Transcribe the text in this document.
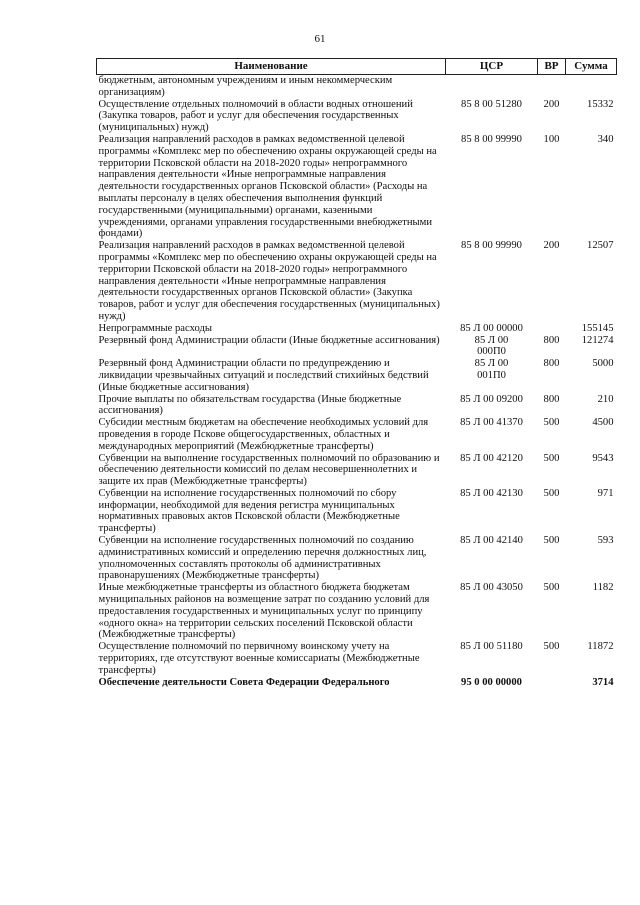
61
Наименование	ЦСР	ВР	Сумма
бюджетным, автономным учреждениям и иным некоммерческим организациям)			
Осуществление отдельных полномочий в области водных отношений (Закупка товаров, работ и услуг для обеспечения государственных (муниципальных) нужд)	85 8 00 51280	200	15332
Реализация направлений расходов в рамках ведомственной целевой программы «Комплекс мер по обеспечению охраны окружающей среды на территории Псковской области на 2018-2020 годы» непрограммного направления деятельности «Иные непрограммные направления деятельности государственных органов Псковской области» (Расходы на выплаты персоналу в целях обеспечения выполнения функций государственными (муниципальными) органами, казенными учреждениями, органами управления государственными внебюджетными фондами)	85 8 00 99990	100	340
Реализация направлений расходов в рамках ведомственной целевой программы «Комплекс мер по обеспечению охраны окружающей среды на территории Псковской области на 2018-2020 годы» непрограммного направления деятельности «Иные непрограммные направления деятельности государственных органов Псковской области» (Закупка товаров, работ и услуг для обеспечения государственных (муниципальных) нужд)	85 8 00 99990	200	12507
Непрограммные расходы	85 Л 00 00000		155145
Резервный фонд Администрации области (Иные бюджетные ассигнования)	85 Л 00
000П0	800	121274
Резервный фонд Администрации области по предупреждению и ликвидации чрезвычайных ситуаций и последствий стихийных бедствий (Иные бюджетные ассигнования)	85 Л 00
001П0	800	5000
Прочие выплаты по обязательствам государства (Иные бюджетные ассигнования)	85 Л 00 09200	800	210
Субсидии местным бюджетам на обеспечение необходимых условий для проведения в городе Пскове общегосударственных, областных и международных мероприятий (Межбюджетные трансферты)	85 Л 00 41370	500	4500
Субвенции на выполнение государственных полномочий по образованию и обеспечению деятельности комиссий по делам несовершеннолетних и защите их прав (Межбюджетные трансферты)	85 Л 00 42120	500	9543
Субвенции на исполнение государственных полномочий по сбору информации, необходимой для ведения регистра муниципальных нормативных правовых актов Псковской области (Межбюджетные трансферты)	85 Л 00 42130	500	971
Субвенции на исполнение государственных полномочий по созданию административных комиссий и определению перечня должностных лиц, уполномоченных составлять протоколы об административных правонарушениях (Межбюджетные трансферты)	85 Л 00 42140	500	593
Иные межбюджетные трансферты из областного бюджета бюджетам муниципальных районов на возмещение затрат по созданию условий для предоставления государственных и муниципальных услуг по принципу «одного окна» на территории сельских поселений Псковской области (Межбюджетные трансферты)	85 Л 00 43050	500	1182
Осуществление полномочий по первичному воинскому учету на территориях, где отсутствуют военные комиссариаты (Межбюджетные трансферты)	85 Л 00 51180	500	11872
Обеспечение деятельности Совета Федерации Федерального	95 0 00 00000		3714
